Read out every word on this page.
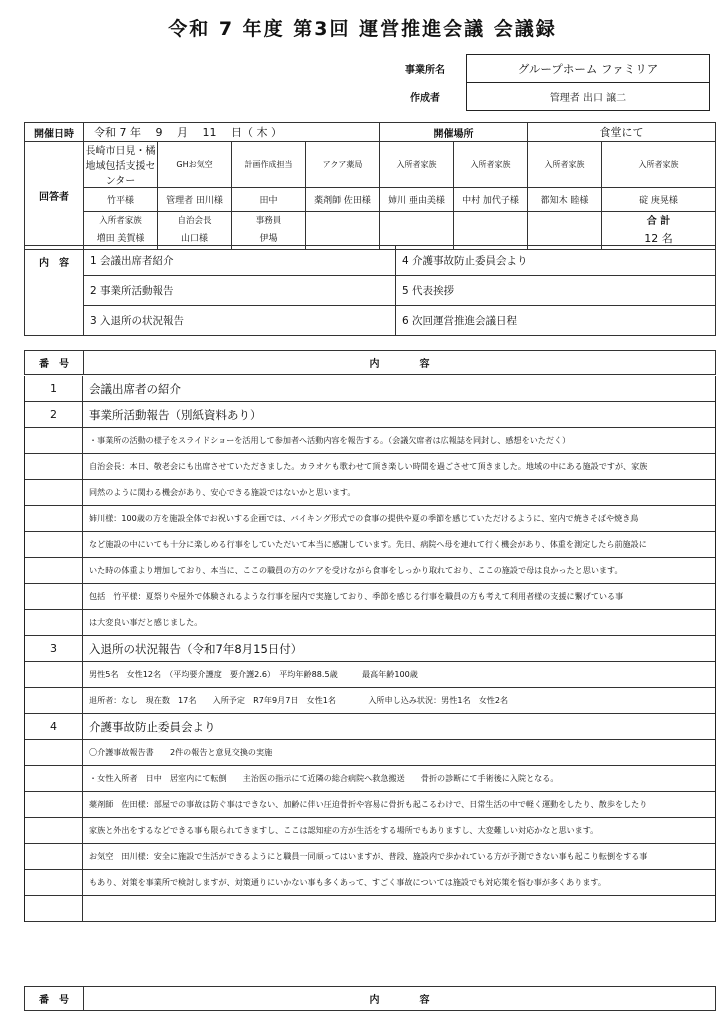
令和 7 年度 第3回 運営推進会議 会議録
事業所名	グループホーム ファミリア
作成者	管理者 出口 譲二
開催日時	令和 7 年　 9　 月　 11　 日（ 木 ）				開催場所		食堂にて	
回答者	長崎市日見・橘地域包括支援センター	GHお気空	計画作成担当	アクア薬局	入所者家族	入所者家族	入所者家族	入所者家族
	竹平様	管理者 田川様	田中	薬剤師 佐田様	姉川 亜由美様	中村 加代子様	都知木 睦様	碇 庚晃様
	入所者家族	自治会長	事務員					合 計
	増田 美賀様	山口様	伊場					12 名
内　容	1 会議出席者紹介	4 介護事故防止委員会より
	2 事業所活動報告	5 代表挨拶
	3 入退所の状況報告	6 次回運営推進会議日程
番　号	内　　　　容
1	会議出席者の紹介
2	事業所活動報告（別紙資料あり）
・事業所の活動の様子をスライドショーを活用して参加者へ活動内容を報告する。（会議欠席者は広報誌を同封し、感想をいただく）
自治会長：本日、敬老会にも出席させていただきました。カラオケも歌わせて頂き楽しい時間を過ごさせて頂きました。地域の中にある施設ですが、家族
同然のように関わる機会があり、安心できる施設ではないかと思います。
姉川様：100歳の方を施設全体でお祝いする企画では、バイキング形式での食事の提供や夏の季節を感じていただけるように、室内で焼きそばや焼き鳥
など施設の中にいても十分に楽しめる行事をしていただいて本当に感謝しています。先日、病院へ母を連れて行く機会があり、体重を測定したら前施設に
いた時の体重より増加しており、本当に、ここの職員の方のケアを受けながら食事をしっかり取れており、ここの施設で母は良かったと思います。
包括　竹平様：夏祭りや屋外で体験されるような行事を屋内で実施しており、季節を感じる行事を職員の方も考えて利用者様の支援に繋げている事
は大変良い事だと感じました。
3	入退所の状況報告（令和7年8月15日付）
男性5名　女性12名　（平均要介護度　要介護2.6）　平均年齢88.5歳　　　最高年齢100歳
退所者：なし　現在数　17名　　入所予定　R7年9月7日　女性1名　　　　入所申し込み状況：男性1名　女性2名
4	介護事故防止委員会より
〇介護事故報告書　　2件の報告と意見交換の実施
・女性入所者　日中　居室内にて転倒　　主治医の指示にて近隣の総合病院へ救急搬送　　骨折の診断にて手術後に入院となる。
薬剤師　佐田様：部屋での事故は防ぐ事はできない、加齢に伴い圧迫骨折や容易に骨折も起こるわけで、日常生活の中で軽く運動をしたり、散歩をしたり
家族と外出をするなどできる事も限られてきますし、ここは認知症の方が生活をする場所でもありますし、大変難しい対応かなと思います。
お気空　田川様：安全に施設で生活ができるようにと職員一同頑ってはいますが、普段、施設内で歩かれている方が予測できない事も起こり転倒をする事
もあり、対策を事業所で検討しますが、対策通りにいかない事も多くあって、すごく事故については施設でも対応策を悩む事が多くあります。
番　号	内　　　　容
